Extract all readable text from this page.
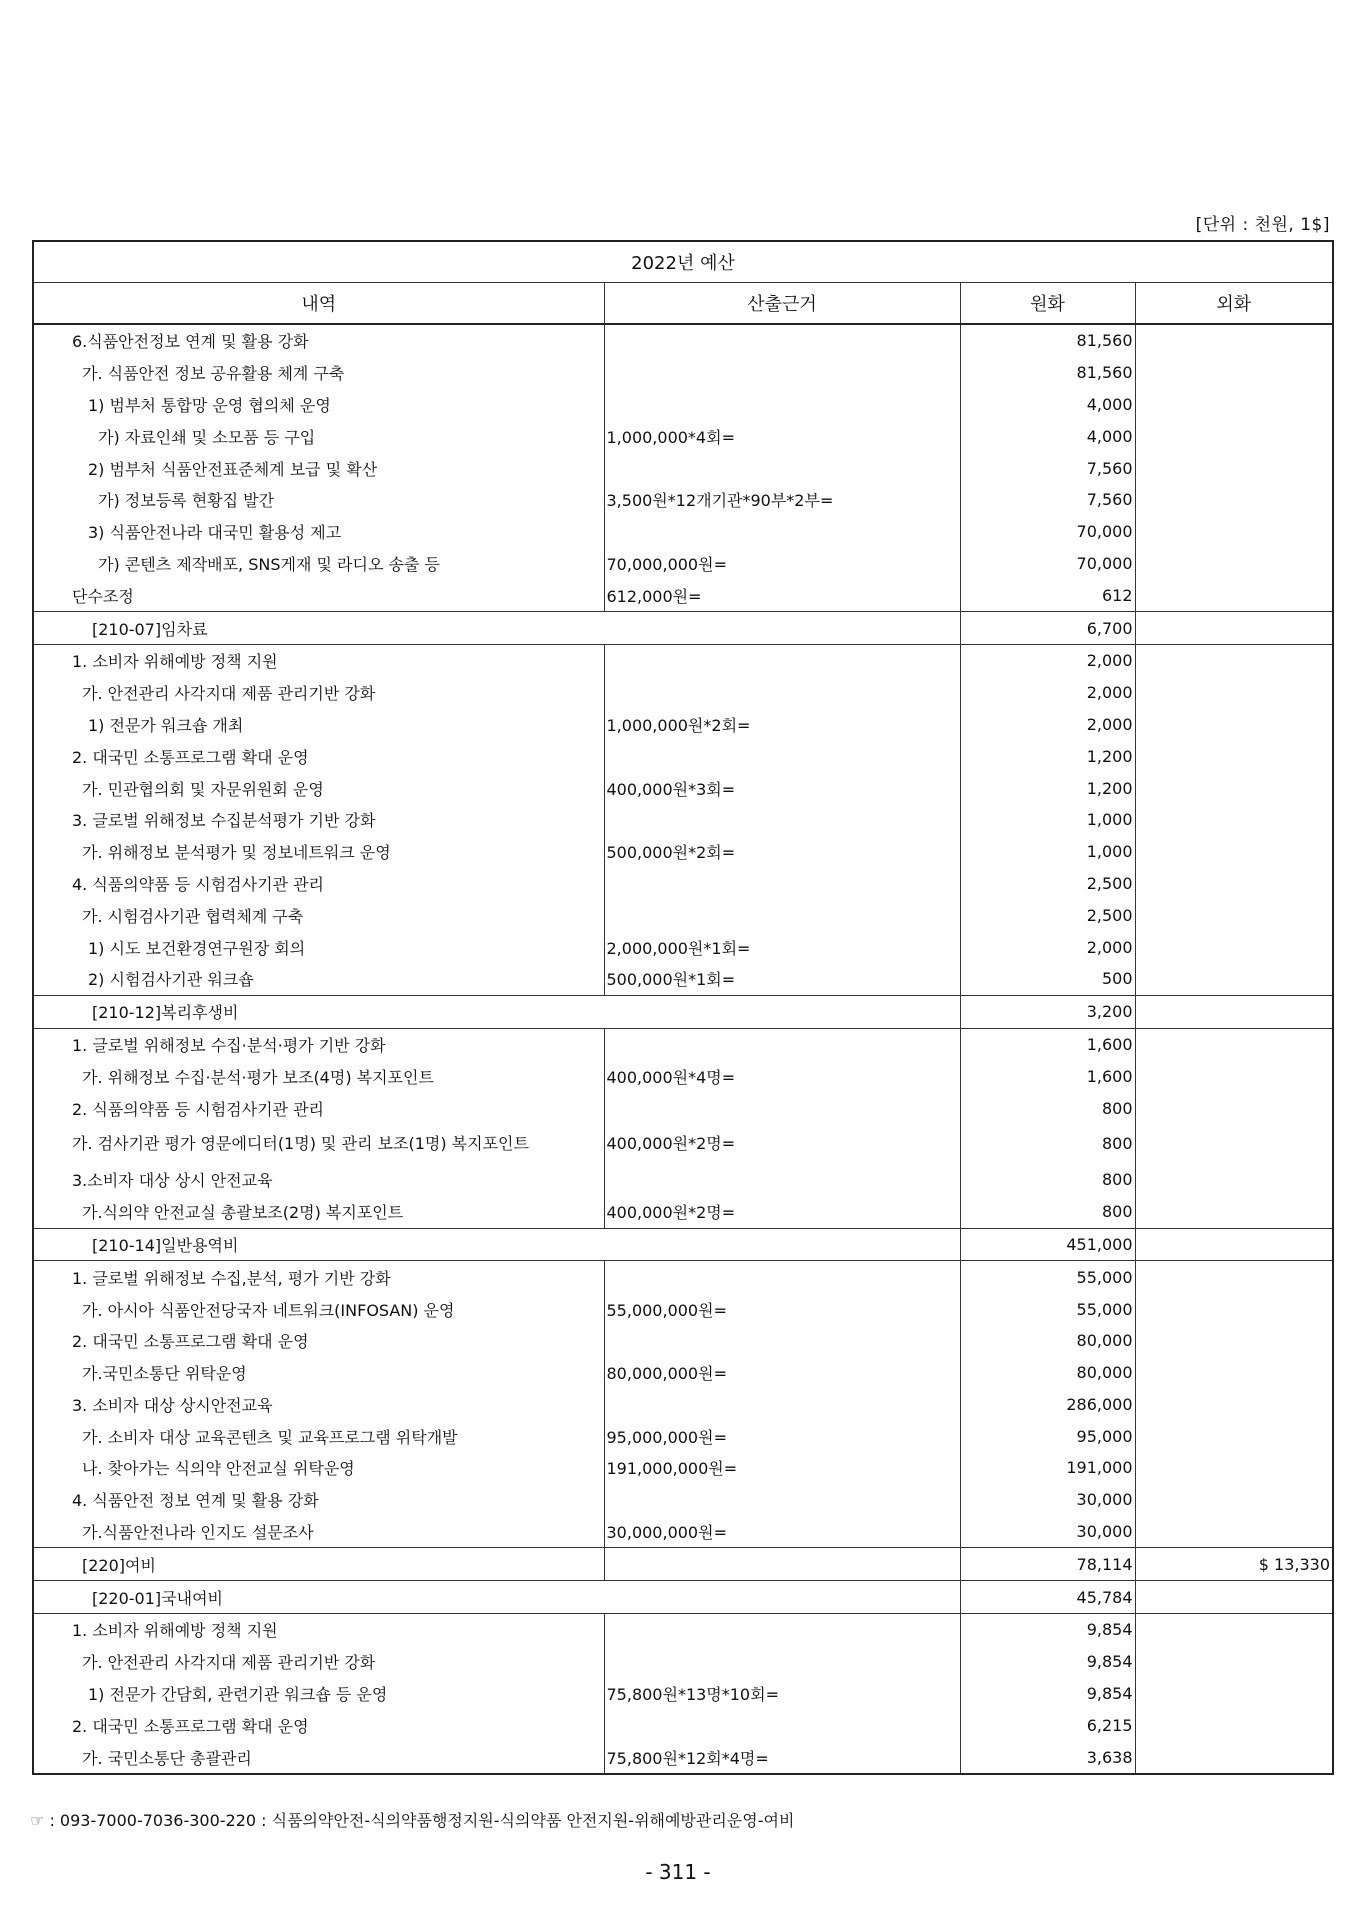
[단위 : 천원, 1$]
2022년 예산			
내역	산출근거	원화	외화
6.식품안전정보 연계 및 활용 강화		81,560	
가. 식품안전 정보 공유활용 체계 구축		81,560	
1) 범부처 통합망 운영 협의체 운영		4,000	
가) 자료인쇄 및 소모품 등 구입	1,000,000*4회=	4,000	
2) 범부처 식품안전표준체계 보급 및 확산		7,560	
가) 정보등록 현황집 발간	3,500원*12개기관*90부*2부=	7,560	
3) 식품안전나라 대국민 활용성 제고		70,000	
가) 콘텐츠 제작배포, SNS게재 및 라디오 송출 등	70,000,000원=	70,000	
단수조정	612,000원=	612	
[210-07]임차료		6,700	
1. 소비자 위해예방 정책 지원		2,000	
가. 안전관리 사각지대 제품 관리기반 강화		2,000	
1) 전문가 워크숍 개최	1,000,000원*2회=	2,000	
2. 대국민 소통프로그램 확대 운영		1,200	
가. 민관협의회 및 자문위원회 운영	400,000원*3회=	1,200	
3. 글로벌 위해정보 수집분석평가 기반 강화		1,000	
가. 위해정보 분석평가 및 정보네트워크 운영	500,000원*2회=	1,000	
4. 식품의약품 등 시험검사기관 관리		2,500	
가. 시험검사기관 협력체계 구축		2,500	
1) 시도 보건환경연구원장 회의	2,000,000원*1회=	2,000	
2) 시험검사기관 워크숍	500,000원*1회=	500	
[210-12]복리후생비		3,200	
1. 글로벌 위해정보 수집·분석·평가 기반 강화		1,600	
가. 위해정보 수집·분석·평가 보조(4명) 복지포인트	400,000원*4명=	1,600	
2. 식품의약품 등 시험검사기관 관리		800	
가. 검사기관 평가 영문에디터(1명) 및 관리 보조(1명) 복지포인트	400,000원*2명=	800	
3.소비자 대상 상시 안전교육		800	
가.식의약 안전교실 총괄보조(2명) 복지포인트	400,000원*2명=	800	
[210-14]일반용역비		451,000	
1. 글로벌 위해정보 수집,분석, 평가 기반 강화		55,000	
가. 아시아 식품안전당국자 네트워크(INFOSAN) 운영	55,000,000원=	55,000	
2. 대국민 소통프로그램 확대 운영		80,000	
가.국민소통단 위탁운영	80,000,000원=	80,000	
3. 소비자 대상 상시안전교육		286,000	
가. 소비자 대상 교육콘텐츠 및 교육프로그램 위탁개발	95,000,000원=	95,000	
나. 찾아가는 식의약 안전교실 위탁운영	191,000,000원=	191,000	
4. 식품안전 정보 연계 및 활용 강화		30,000	
가.식품안전나라 인지도 설문조사	30,000,000원=	30,000	
[220]여비		78,114	$ 13,330
[220-01]국내여비		45,784	
1. 소비자 위해예방 정책 지원		9,854	
가. 안전관리 사각지대 제품 관리기반 강화		9,854	
1) 전문가 간담회, 관련기관 워크숍 등 운영	75,800원*13명*10회=	9,854	
2. 대국민 소통프로그램 확대 운영		6,215	
가. 국민소통단 총괄관리	75,800원*12회*4명=	3,638	
☞ : 093-7000-7036-300-220 : 식품의약안전-식의약품행정지원-식의약품 안전지원-위해예방관리운영-여비
- 311 -
